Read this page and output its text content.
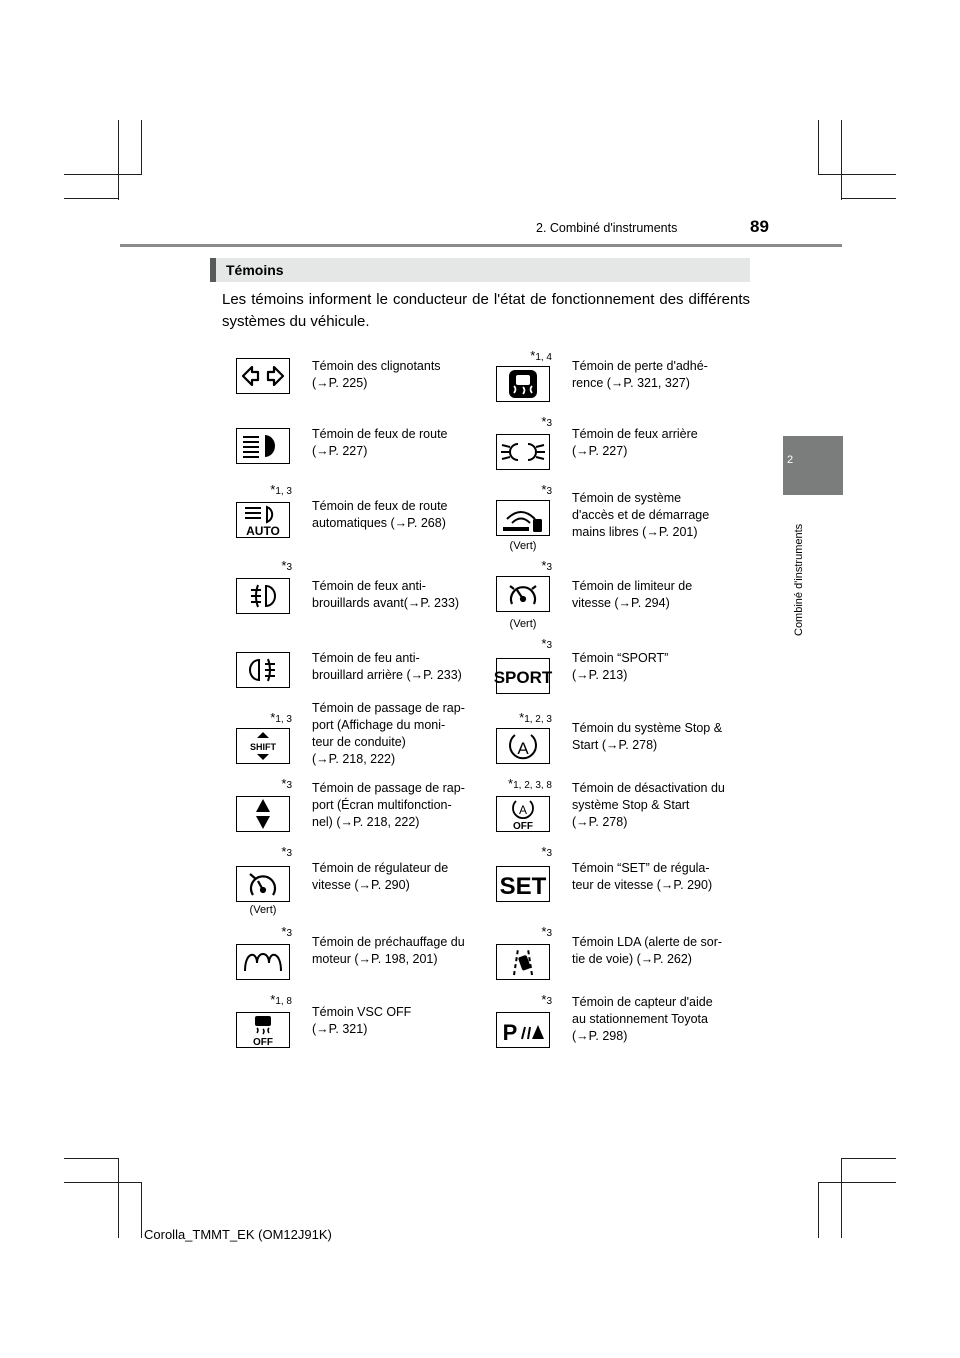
2. Combiné d'instruments	89
2
Combiné d'instruments
Témoins

Les témoins informent le conducteur de l'état de fonctionnement des différents systèmes du véhicule.

Témoin des clignotants
(→P. 225)

*1, 4

Témoin de perte d'adhé-
rence (→P. 321, 327)

Témoin de feux de route
(→P. 227)

*3

Témoin de feux arrière
(→P. 227)

*1, 3
AUTO

Témoin de feux de route
automatiques (→P. 268)

*3
(Vert)

Témoin de système
d'accès et de démarrage
mains libres (→P. 201)

*3

Témoin de feux anti-
brouillards avant(→P. 233)

*3
(Vert)

Témoin de limiteur de
vitesse (→P. 294)

Témoin de feu anti-
brouillard arrière (→P. 233)

*3
SPORT

Témoin “SPORT”
(→P. 213)

*1, 3
SHIFT

Témoin de passage de rap-
port (Affichage du moni-
teur de conduite)
(→P. 218, 222)

*1, 2, 3
A

Témoin du système Stop &
Start (→P. 278)

*3 Témoin de passage de rap-
port (Écran multifonction-
nel) (→P. 218, 222)

*1, 2, 3, 8
A
OFF

Témoin de désactivation du
système Stop & Start
(→P. 278)

*3
(Vert)

Témoin de régulateur de
vitesse (→P. 290)

*3
SET

Témoin “SET” de régula-
teur de vitesse (→P. 290)

*3

Témoin de préchauffage du
moteur (→P. 198, 201)

*3

Témoin LDA (alerte de sor-
tie de voie) (→P. 262)

*1, 8
OFF

Témoin VSC OFF
(→P. 321)

*3
P

Témoin de capteur d'aide
au stationnement Toyota
(→P. 298)

Corolla_TMMT_EK (OM12J91K)
